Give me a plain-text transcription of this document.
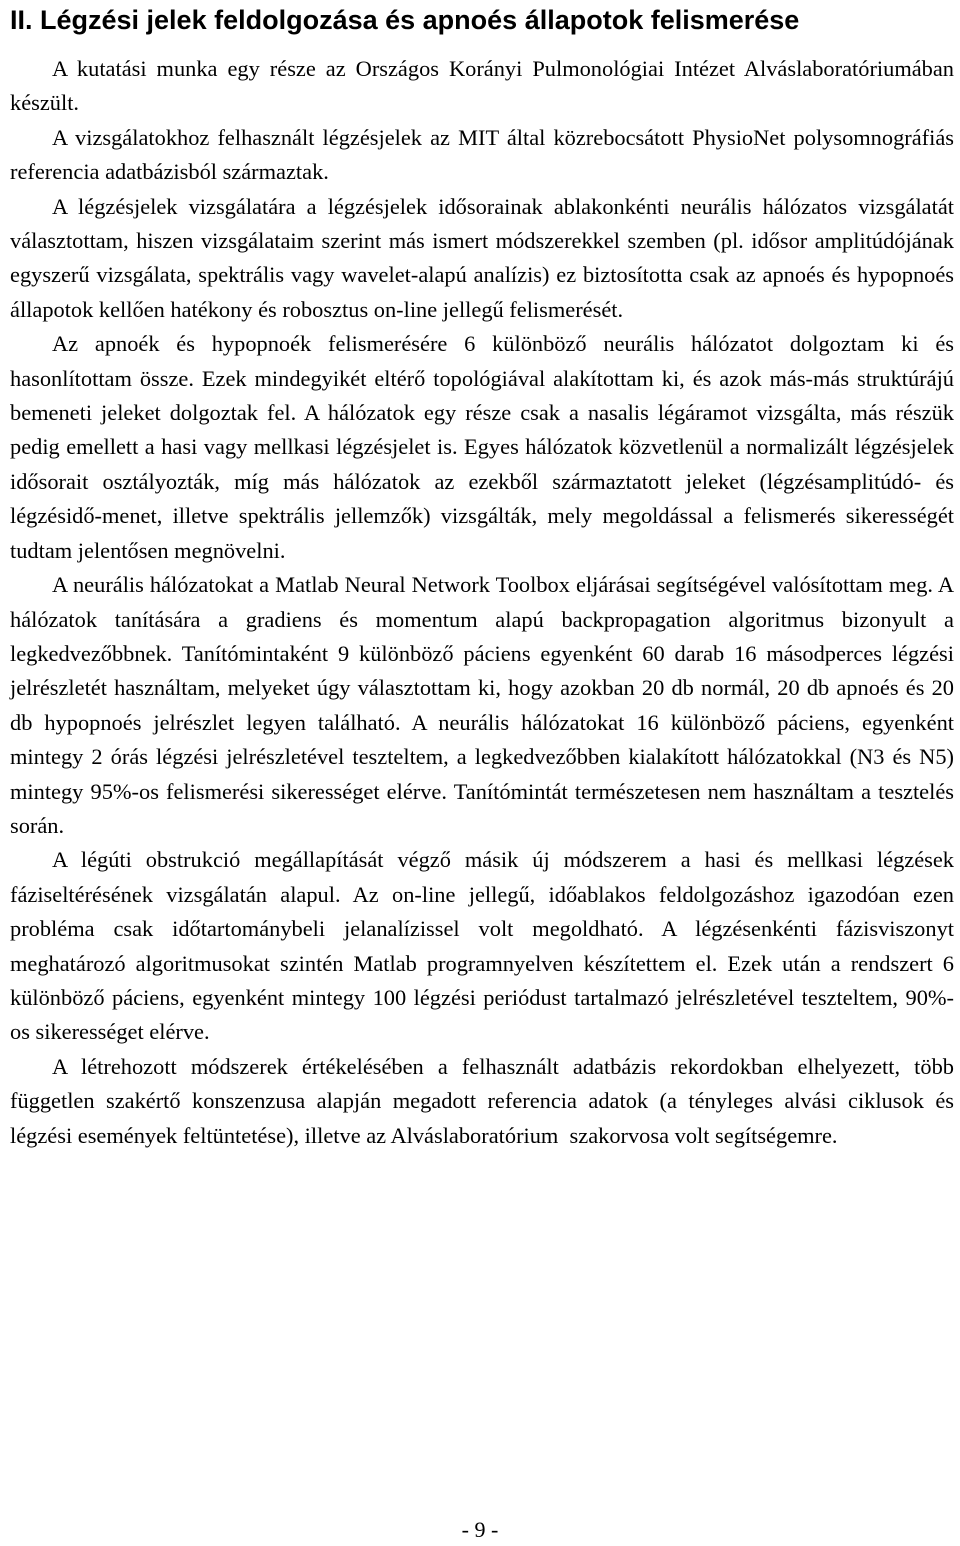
II. Légzési jelek feldolgozása és apnoés állapotok felismerése

A kutatási munka egy része az Országos Korányi Pulmonológiai Intézet Alváslaboratóriumában készült.

A vizsgálatokhoz felhasznált légzésjelek az MIT által közrebocsátott PhysioNet polysomnográfiás referencia adatbázisból származtak.

A légzésjelek vizsgálatára a légzésjelek idősorainak ablakonkénti neurális hálózatos vizsgálatát választottam, hiszen vizsgálataim szerint más ismert módszerekkel szemben (pl. idősor amplitúdójának egyszerű vizsgálata, spektrális vagy wavelet-alapú analízis) ez biztosította csak az apnoés és hypopnoés állapotok kellően hatékony és robosztus on-line jellegű felismerését.

Az apnoék és hypopnoék felismerésére 6 különböző neurális hálózatot dolgoztam ki és hasonlítottam össze. Ezek mindegyikét eltérő topológiával alakítottam ki, és azok más-más struktúrájú bemeneti jeleket dolgoztak fel. A hálózatok egy része csak a nasalis légáramot vizsgálta, más részük pedig emellett a hasi vagy mellkasi légzésjelet is. Egyes hálózatok közvetlenül a normalizált légzésjelek idősorait osztályozták, míg más hálózatok az ezekből származtatott jeleket (légzésamplitúdó- és légzésidő-menet, illetve spektrális jellemzők) vizsgálták, mely megoldással a felismerés sikerességét tudtam jelentősen megnövelni.

A neurális hálózatokat a Matlab Neural Network Toolbox eljárásai segítségével valósítottam meg. A hálózatok tanítására a gradiens és momentum alapú backpropagation algoritmus bizonyult a legkedvezőbbnek. Tanítómintaként 9 különböző páciens egyenként 60 darab 16 másodperces légzési jelrészletét használtam, melyeket úgy választottam ki, hogy azokban 20 db normál, 20 db apnoés és 20 db hypopnoés jelrészlet legyen található. A neurális hálózatokat 16 különböző páciens, egyenként mintegy 2 órás légzési jelrészletével teszteltem, a legkedvezőbben kialakított hálózatokkal (N3 és N5) mintegy 95%-os felismerési sikerességet elérve. Tanítómintát természetesen nem használtam a tesztelés során.

A légúti obstrukció megállapítását végző másik új módszerem a hasi és mellkasi légzések fáziseltérésének vizsgálatán alapul. Az on-line jellegű, időablakos feldolgozáshoz igazodóan ezen probléma csak időtartománybeli jelanalízissel volt megoldható. A légzésenkénti fázisviszonyt meghatározó algoritmusokat szintén Matlab programnyelven készítettem el. Ezek után a rendszert 6 különböző páciens, egyenként mintegy 100 légzési periódust tartalmazó jelrészletével teszteltem, 90%-os sikerességet elérve.

A létrehozott módszerek értékelésében a felhasznált adatbázis rekordokban elhelyezett, több független szakértő konszenzusa alapján megadott referencia adatok (a tényleges alvási ciklusok és légzési események feltüntetése), illetve az Alváslaboratórium  szakorvosa volt segítségemre.

- 9 -
